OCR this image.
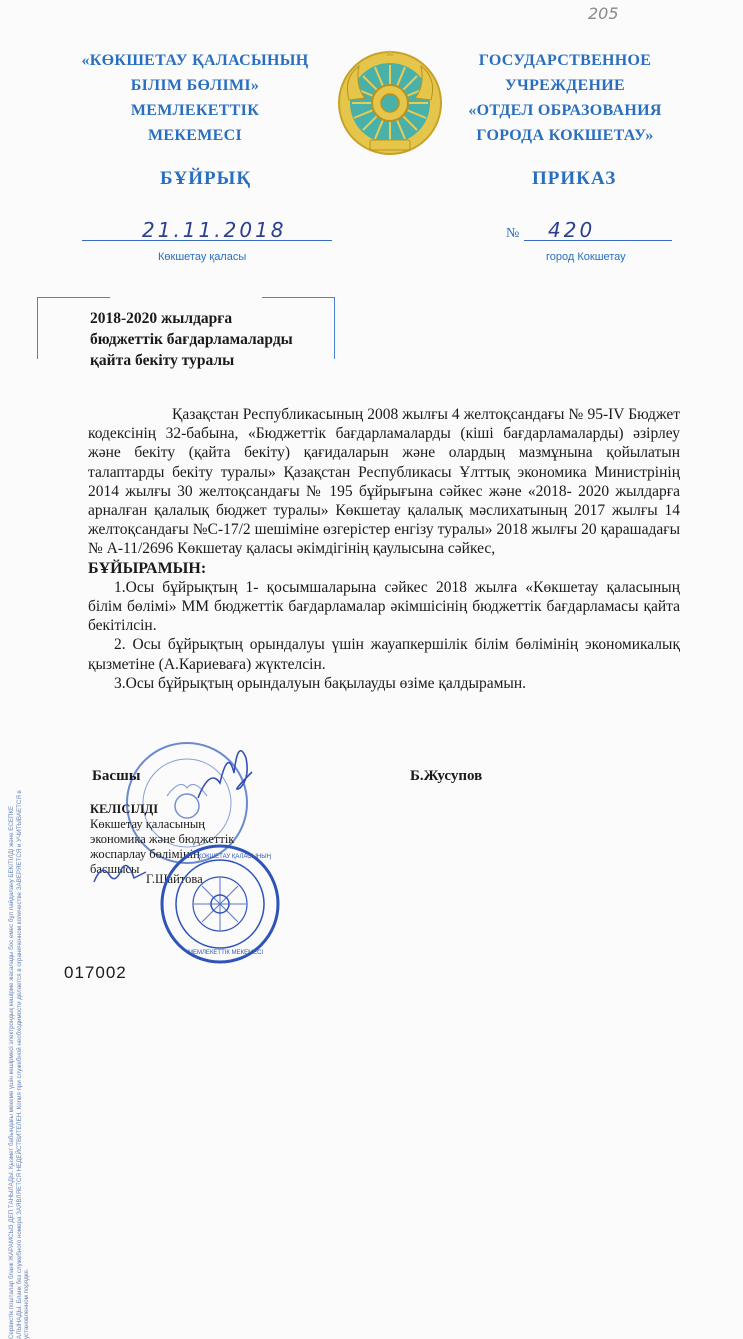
205
«КӨКШЕТАУ ҚАЛАСЫНЫҢ
БІЛІМ БӨЛІМІ»
МЕМЛЕКЕТТІК
МЕКЕМЕСІ
ГОСУДАРСТВЕННОЕ
УЧРЕЖДЕНИЕ
«ОТДЕЛ ОБРАЗОВАНИЯ
ГОРОДА КОКШЕТАУ»
БҰЙРЫҚ	ПРИКАЗ
21.11.2018
Көкшетау қаласы
№ 420
город Кокшетау
2018-2020 жылдарға
бюджеттік бағдарламаларды
қайта бекіту туралы
Сервистік пошталар бланк ЖАРАМСЫЗ ДЕП ТАНЫЛАДЫ. Қызмет бабындағы мекеме үшін көшірмесі электрондық көшірме жасалады бос емес бұл пайдалану БЕКІТІЛДІ және ЕСЕПКЕ АЛЫНАДЫ. Бланк без служебного номера ЗАЯВЛЯЕТСЯ НЕДЕЙСТВИТЕЛЕН. Копия при служебной необходимости делается в ограниченном количестве ЗАВЕРЯЕТСЯ и УЧИТЫВАЕТСЯ в установленном порядке.
Қазақстан Республикасының 2008 жылғы 4 желтоқсандағы № 95-IV Бюджет кодексінің 32-бабына, «Бюджеттік бағдарламаларды (кіші бағдарламаларды) әзірлеу және бекіту (қайта бекіту) қағидаларын және олардың мазмұнына қойылатын талаптарды бекіту туралы» Қазақстан Республикасы Ұлттық экономика Министрінің 2014 жылғы 30 желтоқсандағы № 195 бұйрығына сәйкес және «2018- 2020 жылдарға арналған қалалық бюджет туралы» Көкшетау қалалық мәслихатының 2017 жылғы 14 желтоқсандағы №С-17/2 шешіміне өзгерістер енгізу туралы» 2018 жылғы 20 қарашадағы № А-11/2696 Көкшетау қаласы әкімдігінің қаулысына сәйкес,
БҰЙЫРАМЫН:
1.Осы бұйрықтың 1- қосымшаларына сәйкес 2018 жылға «Көкшетау қаласының білім бөлімі» ММ бюджеттік бағдарламалар әкімшісінің бюджеттік бағдарламасы қайта бекітілсін.
2. Осы бұйрықтың орындалуы үшін жауапкершілік білім бөлімінің экономикалық қызметіне (А.Кариеваға) жүктелсін.
3.Осы бұйрықтың орындалуын бақылауды өзіме қалдырамын.
Басшы	Б.Жусупов
КЕЛІСІЛДІ
Көкшетау қаласының
экономика және бюджеттік
жоспарлау бөлімінің
басшысы
Г.Шайтова
ҚОКШЕТАУ ҚАЛАСЫНЫҢ
МЕМЛЕКЕТТІК МЕКЕМЕСІ
017002
